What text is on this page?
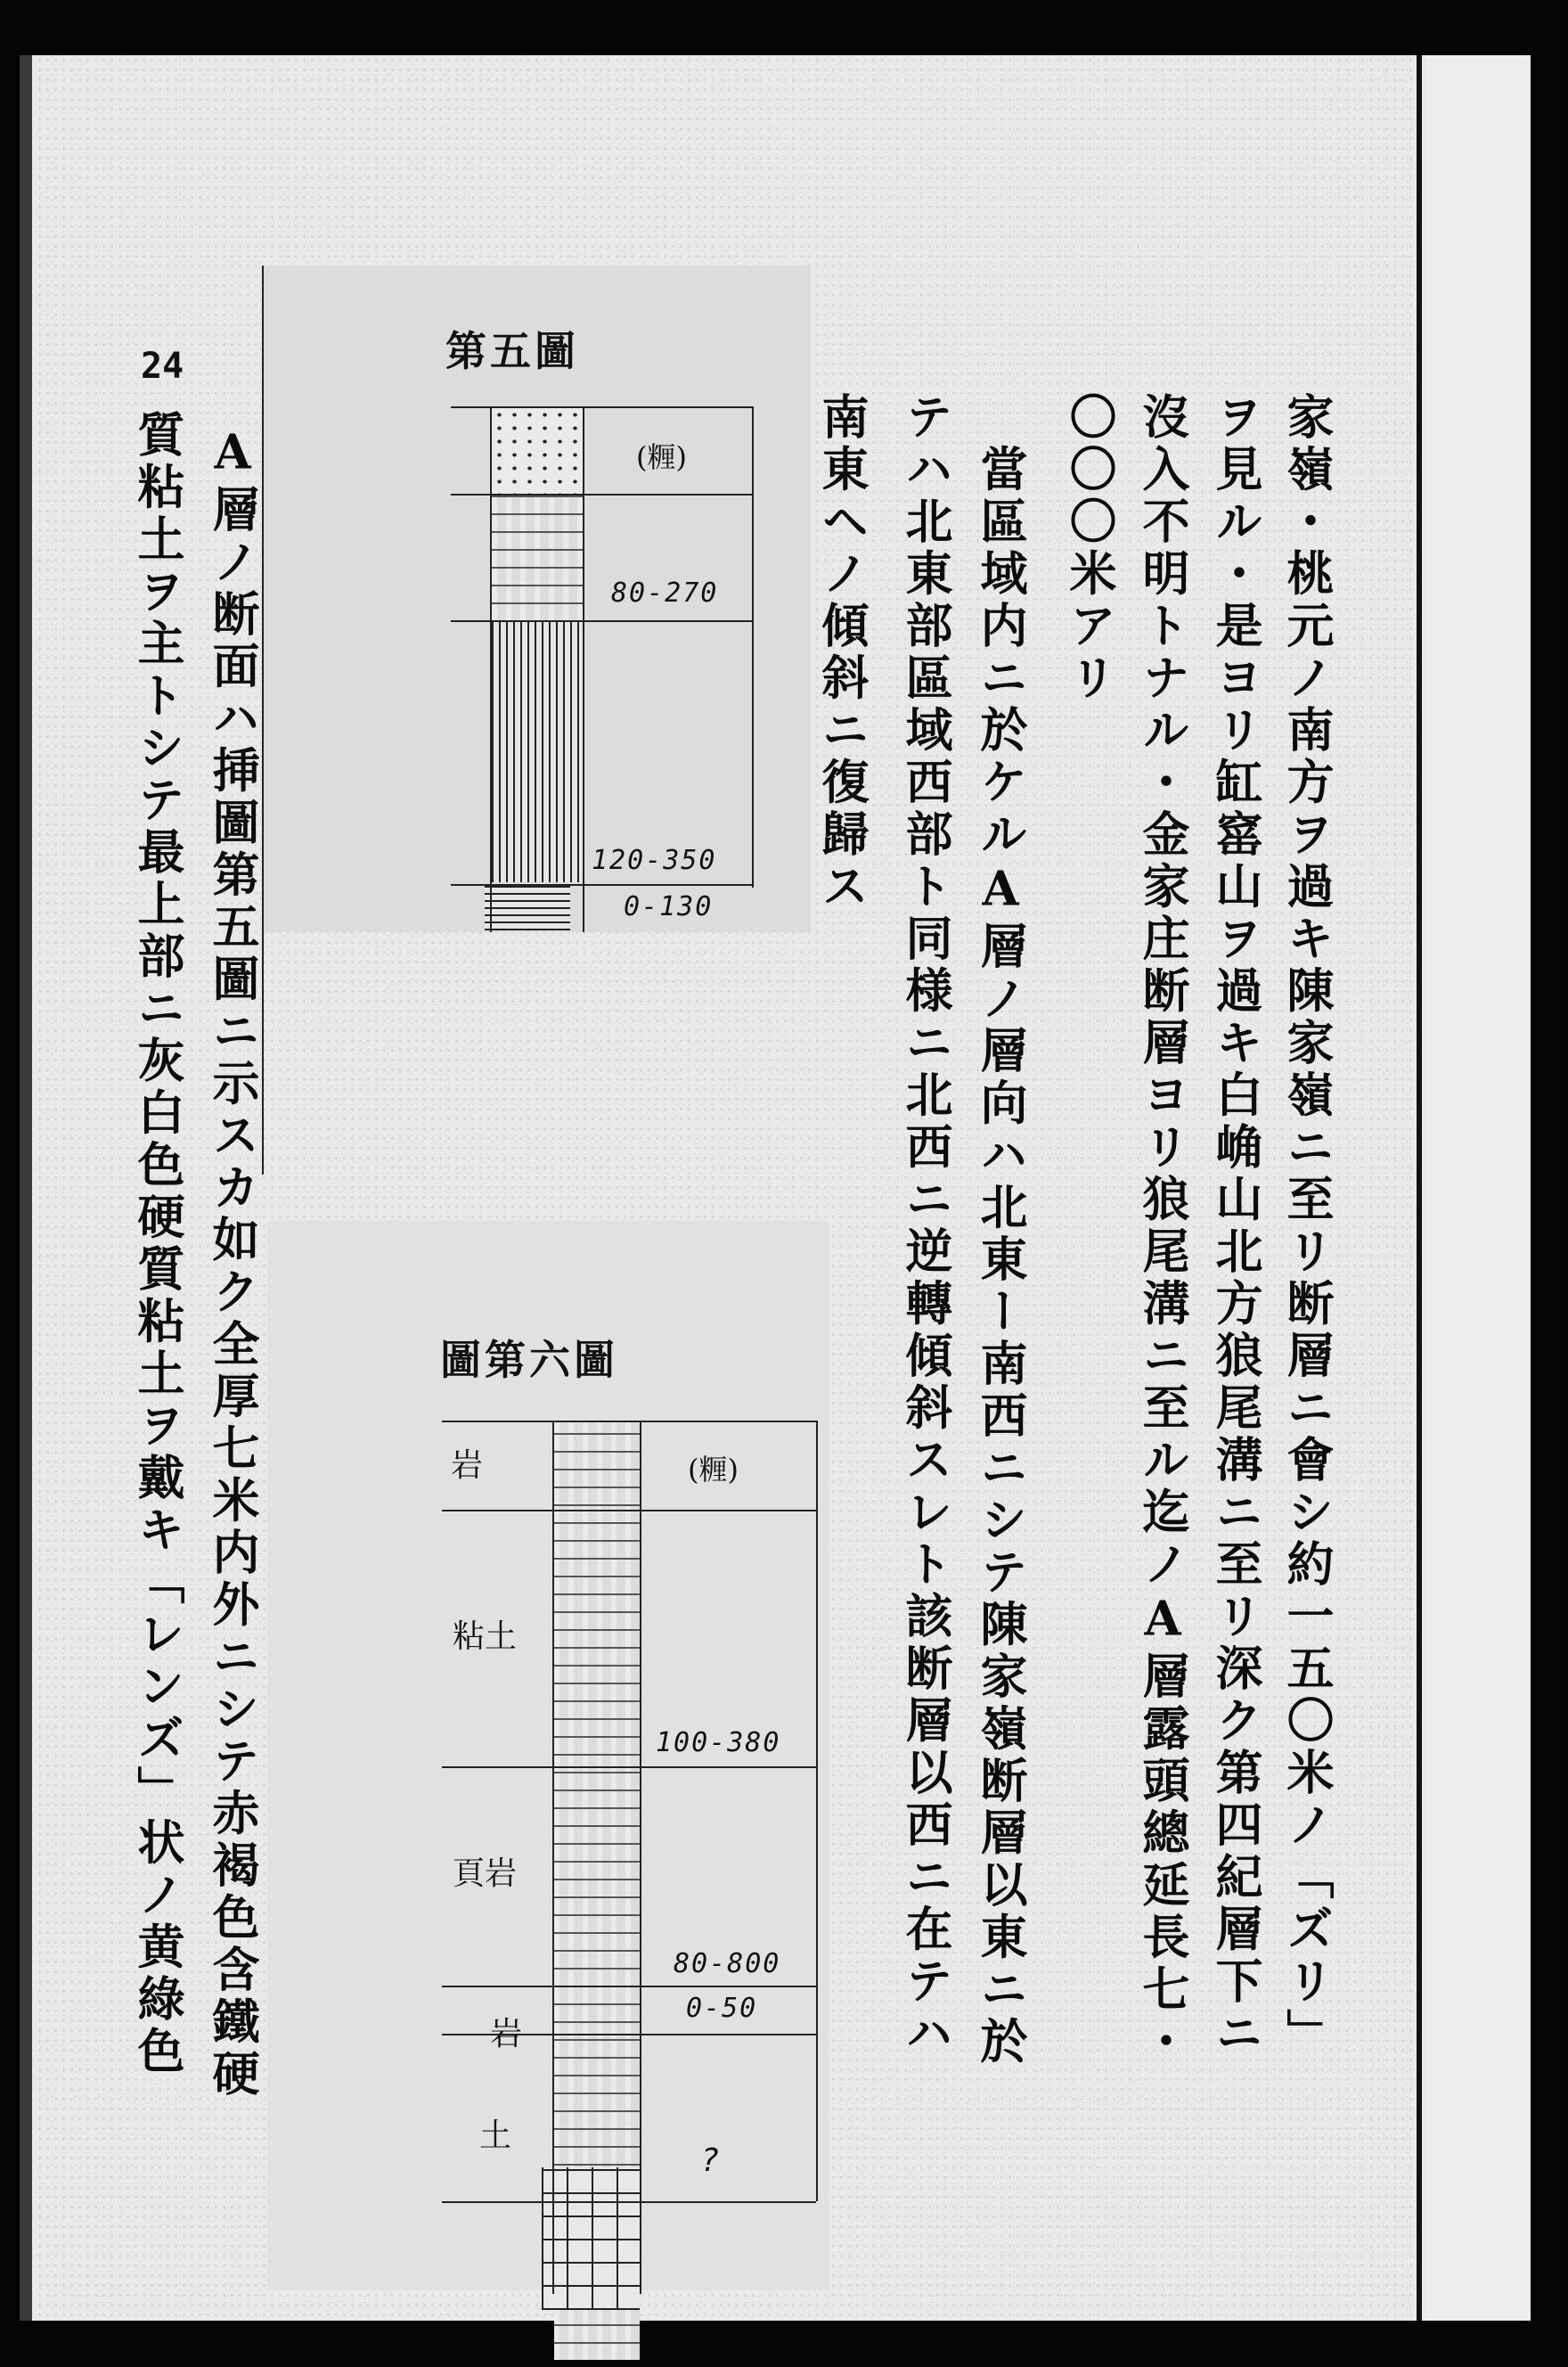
家嶺・桃元ノ南方ヲ過キ陳家嶺ニ至リ断層ニ會シ約一五〇米ノ「ズリ」
ヲ見ル・是ヨリ缸窰山ヲ過キ白崅山北方狼尾溝ニ至リ深ク第四紀層下ニ
沒入不明トナル・金家庄断層ヨリ狼尾溝ニ至ル迄ノA層露頭總延長七・
〇〇〇米アリ
　當區域内ニ於ケルA層ノ層向ハ北東ー南西ニシテ陳家嶺断層以東ニ於
テハ北東部區域西部ト同様ニ北西ニ逆轉傾斜スレト該断層以西ニ在テハ
南東ヘノ傾斜ニ復歸ス
　A層ノ断面ハ挿圖第五圖ニ示スカ如ク全厚七米内外ニシテ赤褐色含鐵硬
質粘土ヲ主トシテ最上部ニ灰白色硬質粘土ヲ戴キ「レンズ」状ノ黄綠色
24	第五圖
(糎)
80-270
120-350
0-130
圖第六圖
(糎)
岩
粘土
頁岩
岩
土
100-380
80-800
0-50
?
